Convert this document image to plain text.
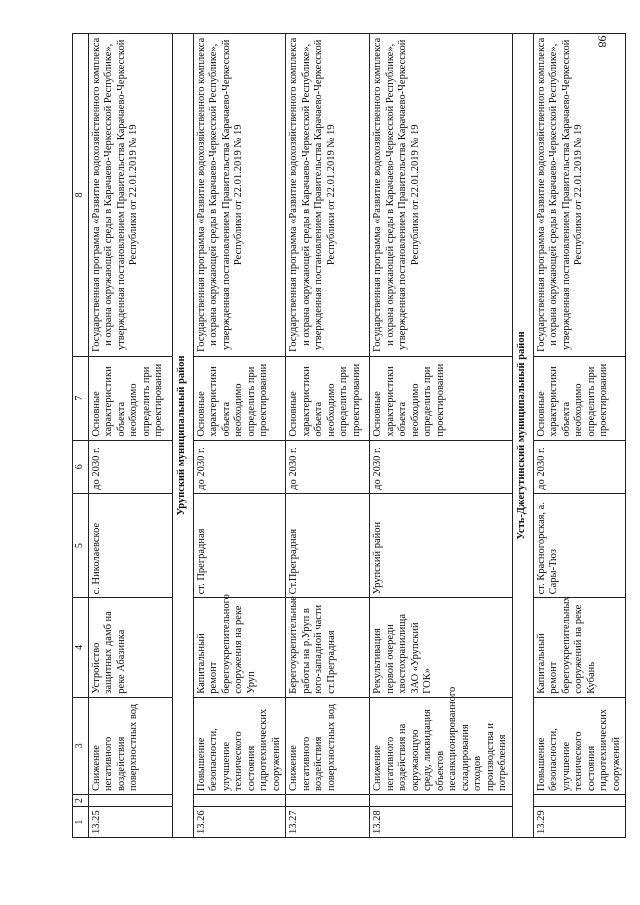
98
1	2	3	4	5	6	7	8
13.25		Снижение негативного воздействия поверхностных вод	Устройство защитных дамб на реке Абазинка	с. Николаевское	до 2030 г.	Основные характеристики объекта необходимо определить при проектировании	Государственная программа «Развитие водохозяйственного комплекса и охрана окружающей среды в Карачаево-Черкесской Республике», утвержденная постановлением Правительства Карачаево-Черкесской Республики от 22.01.2019 № 19
Урупский муниципальный район							
13.26		Повышение безопасности, улучшение технического состояния гидротехнических сооружений	Капитальный ремонт берегоукрепительного сооружения на реке Уруп	ст. Преградная	до 2030 г.	Основные характеристики объекта необходимо определить при проектировании	Государственная программа «Развитие водохозяйственного комплекса и охрана окружающей среды в Карачаево-Черкесской Республике», утвержденная постановлением Правительства Карачаево-Черкесской Республики от 22.01.2019 № 19
13.27		Снижение негативного воздействия поверхностных вод	Берегоукрепительные работы на р.Уруп в юго-западной части ст.Преградная	Ст.Преградная	до 2030 г.	Основные характеристики объекта необходимо определить при проектировании	Государственная программа «Развитие водохозяйственного комплекса и охрана окружающей среды в Карачаево-Черкесской Республике», утвержденная постановлением Правительства Карачаево-Черкесской Республики от 22.01.2019 № 19
13.28		Снижение негативного воздействия на окружающую среду, ликвидация объектов несанкционированного складирования отходов производства и потребления	Рекультивация первой очереди хвостохранилища ЗАО «Урупский ГОК»	Урупский район	до 2030 г.	Основные характеристики объекта необходимо определить при проектировании	Государственная программа «Развитие водохозяйственного комплекса и охрана окружающей среды в Карачаево-Черкесской Республике», утвержденная постановлением Правительства Карачаево-Черкесской Республики от 22.01.2019 № 19
Усть-Джегутинский муниципальный район							
13.29		Повышение безопасности, улучшение технического состояния гидротехнических сооружений	Капитальный ремонт берегоукрепительных сооружений на реке Кубань	ст. Красногорская, а. Сары-Тюз	до 2030 г.	Основные характеристики объекта необходимо определить при проектировании	Государственная программа «Развитие водохозяйственного комплекса и охрана окружающей среды в Карачаево-Черкесской Республике», утвержденная постановлением Правительства Карачаево-Черкесской Республики от 22.01.2019 № 19
